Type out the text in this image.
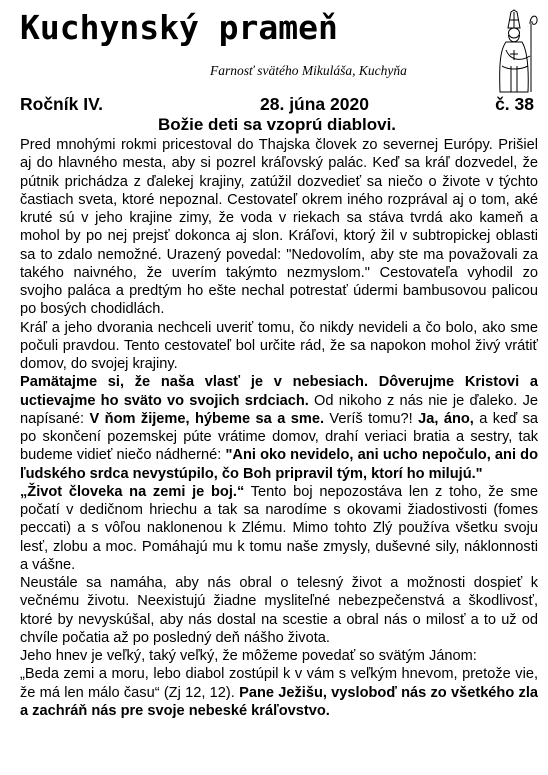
Kuchynský prameň
Farnosť svätého Mikuláša, Kuchyňa
Ročník IV.	28. júna 2020	č. 38
Božie deti sa vzoprú diablovi.

Pred mnohými rokmi pricestoval do Thajska človek zo severnej Európy. Prišiel aj do hlavného mesta, aby si pozrel kráľovský palác. Keď sa kráľ dozvedel, že pútnik prichádza z ďalekej krajiny, zatúžil dozvedieť sa niečo o živote v týchto častiach sveta, ktoré nepoznal. Cestovateľ okrem iného rozprával aj o tom, aké kruté sú v jeho krajine zimy, že voda v riekach sa stáva tvrdá ako kameň a mohol by po nej prejsť dokonca aj slon. Kráľovi, ktorý žil v subtropickej oblasti sa to zdalo nemožné. Urazený povedal: "Nedovolím, aby ste ma považovali za takého naivného, že uverím takýmto nezmyslom." Cestovateľa vyhodil zo svojho paláca a predtým ho ešte nechal potrestať údermi bambusovou palicou po bosých chodidlách.

Kráľ a jeho dvorania nechceli uveriť tomu, čo nikdy nevideli a čo bolo, ako sme počuli pravdou. Tento cestovateľ bol určite rád, že sa napokon mohol živý vrátiť domov, do svojej krajiny.

Pamätajme si, že naša vlasť je v nebesiach. Dôverujme Kristovi a uctievajme ho sväto vo svojich srdciach. Od nikoho z nás nie je ďaleko. Je napísané: V ňom žijeme, hýbeme sa a sme. Veríš tomu?! Ja, áno, a keď sa po skončení pozemskej púte vrátime domov, drahí veriaci bratia a sestry, tak budeme vidieť niečo nádherné: "Ani oko nevidelo, ani ucho nepočulo, ani do ľudského srdca nevystúpilo, čo Boh pripravil tým, ktorí ho milujú."

„Život človeka na zemi je boj.“ Tento boj nepozostáva len z toho, že sme počatí v dedičnom hriechu a tak sa narodíme s okovami žiadostivosti (fomes peccati) a s vôľou naklonenou k Zlému. Mimo tohto Zlý používa všetku svoju lesť, zlobu a moc. Pomáhajú mu k tomu naše zmysly, duševné sily, náklonnosti a vášne.

Neustále sa namáha, aby nás obral o telesný život a možnosti dospieť k večnému životu. Neexistujú žiadne mysliteľné nebezpečenstvá a škodlivosť, ktoré by nevyskúšal, aby nás dostal na scestie a obral nás o milosť a to už od chvíle počatia až po posledný deň nášho života.

Jeho hnev je veľký, taký veľký, že môžeme povedať so svätým Jánom:

„Beda zemi a moru, lebo diabol zostúpil k v vám s veľkým hnevom, pretože vie, že má len málo času“ (Zj 12, 12). Pane Ježišu, vysloboď nás zo všetkého zla a zachráň nás pre svoje nebeské kráľovstvo.
